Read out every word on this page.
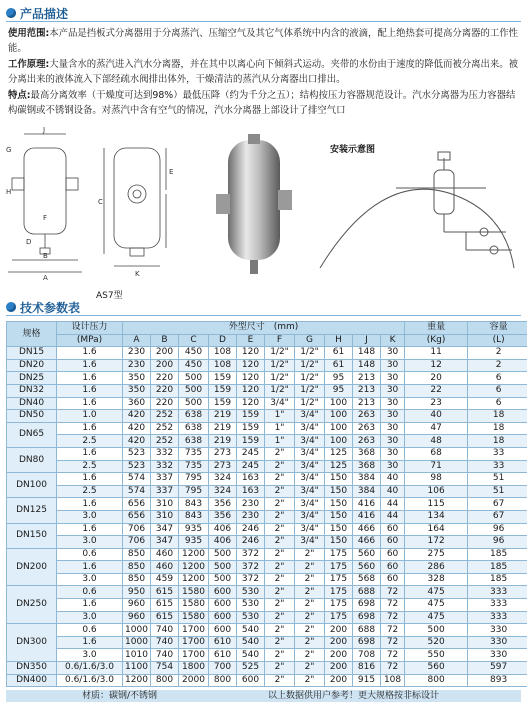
产品描述
使用范围:本产品是挡板式分离器用于分离蒸汽、压缩空气及其它气体系统中内含的液滴，配上绝热套可提高分离器的工作性能。
工作原理:大量含水的蒸汽进入汽水分离器，并在其中以离心向下倾斜式运动。夹带的水份由于速度的降低而被分离出来。被分离出来的液体流入下部经疏水阀排出体外，干燥清洁的蒸汽从分离器出口排出。
特点:最高分离效率（干燥度可达到98%）最低压降（约为千分之五）；结构按压力容器规范设计。汽水分离器为压力容器结构碳钢或不锈钢设备。对蒸汽中含有空气的情况，汽水分离器上部设计了排空气口
J
G
H
F
B
D
A
C
E
K
AS7型
安装示意图
技术参数表
规格	设计压力	外型尺寸　(mm)										重量	容量
	(MPa)	A	B	C	D	E	F	G	H	J	K	(Kg)	(L)
DN15	1.6	230	200	450	108	120	1/2"	1/2"	61	148	30	11	2
DN20	1.6	230	200	450	108	120	1/2"	1/2"	61	148	30	12	2
DN25	1.6	350	220	500	159	120	1/2"	1/2"	95	213	30	20	6
DN32	1.6	350	220	500	159	120	1/2"	1/2"	95	213	30	22	6
DN40	1.6	360	220	500	159	120	3/4"	1/2"	100	213	30	23	6
DN50	1.0	420	252	638	219	159	1"	3/4"	100	263	30	40	18
DN65	1.6	420	252	638	219	159	1"	3/4"	100	263	30	47	18
	2.5	420	252	638	219	159	1"	3/4"	100	263	30	48	18
DN80	1.6	523	332	735	273	245	2"	3/4"	125	368	30	68	33
	2.5	523	332	735	273	245	2"	3/4"	125	368	30	71	33
DN100	1.6	574	337	795	324	163	2"	3/4"	150	384	40	98	51
	2.5	574	337	795	324	163	2"	3/4"	150	384	40	106	51
DN125	1.6	656	310	843	356	230	2"	3/4"	150	416	44	115	67
	3.0	656	310	843	356	230	2"	3/4"	150	416	44	134	67
DN150	1.6	706	347	935	406	246	2"	3/4"	150	466	60	164	96
	3.0	706	347	935	406	246	2"	3/4"	150	466	60	172	96
DN200	0.6	850	460	1200	500	372	2"	2"	175	560	60	275	185
	1.6	850	460	1200	500	372	2"	2"	175	560	60	286	185
	3.0	850	459	1200	500	372	2"	2"	175	568	60	328	185
DN250	0.6	950	615	1580	600	530	2"	2"	175	688	72	475	333
	1.6	960	615	1580	600	530	2"	2"	175	698	72	475	333
	3.0	960	615	1580	600	530	2"	2"	175	698	72	475	333
DN300	0.6	1000	740	1700	600	540	2"	2"	200	688	72	500	330
	1.6	1000	740	1700	610	540	2"	2"	200	698	72	520	330
	3.0	1010	740	1700	610	540	2"	2"	200	708	72	550	330
DN350	0.6/1.6/3.0	1100	754	1800	700	525	2"	2"	200	816	72	560	597
DN400	0.6/1.6/3.0	1200	800	2000	800	600	2"	2"	200	915	108	800	893
材质：碳钢/不锈钢	以上数据供用户参考！更大规格按非标设计
